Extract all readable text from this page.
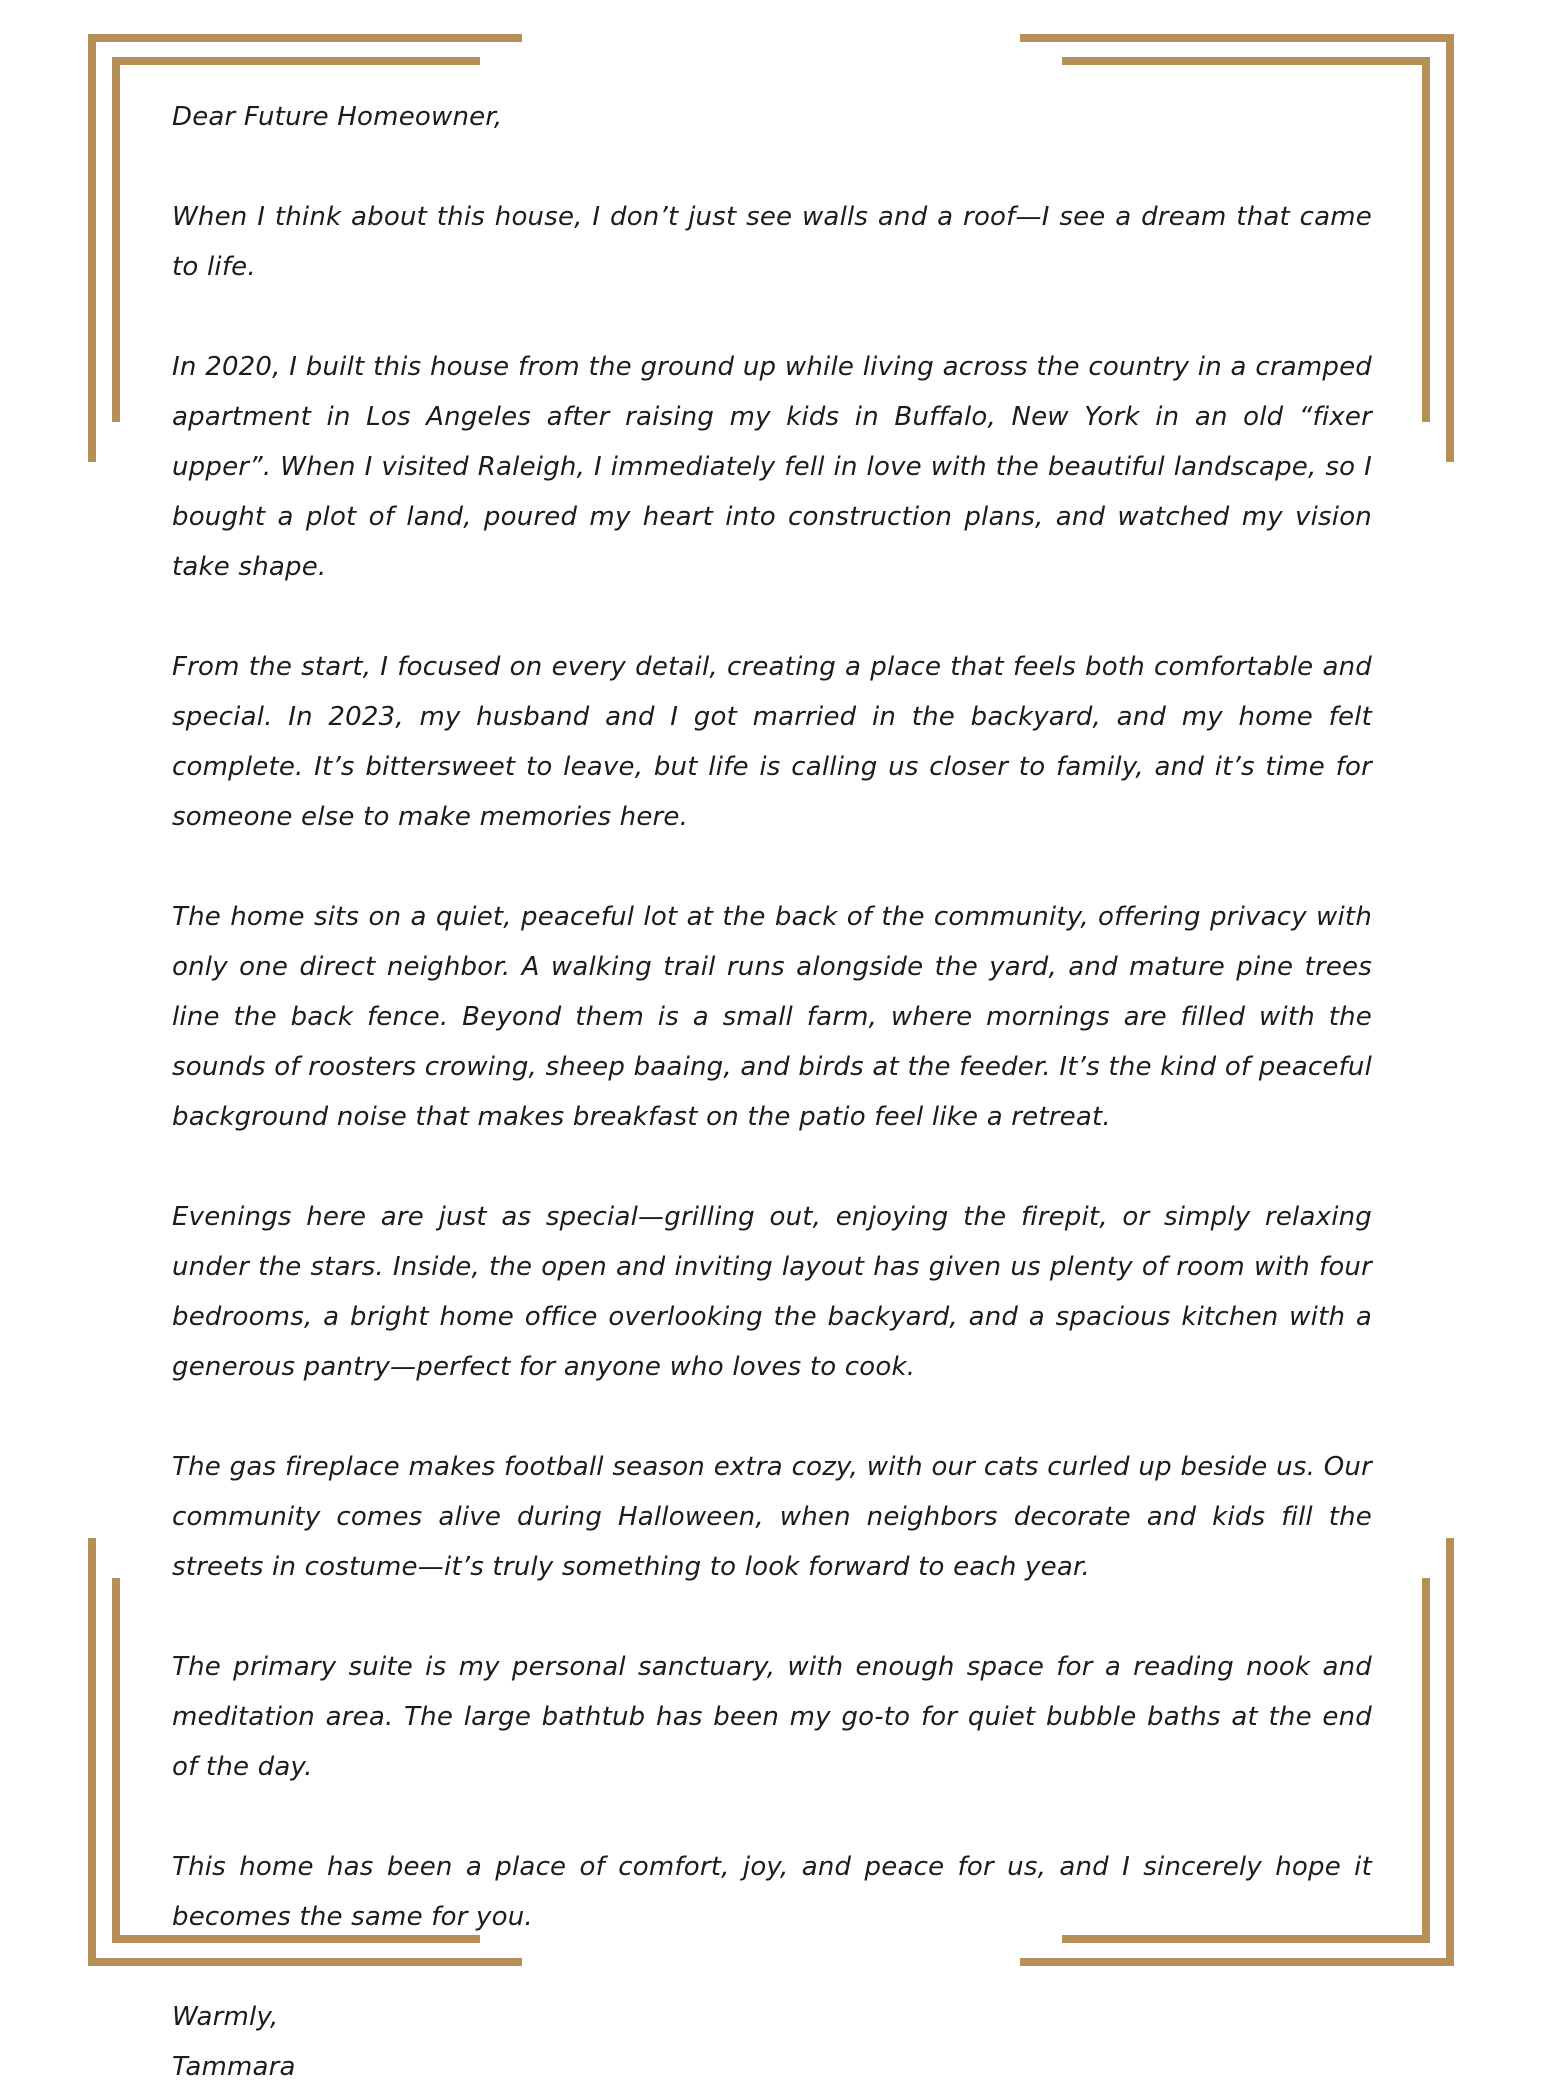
Dear Future Homeowner,

When I think about this house, I don’t just see walls and a roof—I see a dream that came to life.

In 2020, I built this house from the ground up while living across the country in a cramped apartment in Los Angeles after raising my kids in Buffalo, New York in an old “fixer upper”. When I visited Raleigh, I immediately fell in love with the beautiful landscape, so I bought a plot of land, poured my heart into construction plans, and watched my vision take shape.

From the start, I focused on every detail, creating a place that feels both comfortable and special. In 2023, my husband and I got married in the backyard, and my home felt complete. It’s bittersweet to leave, but life is calling us closer to family, and it’s time for someone else to make memories here.

The home sits on a quiet, peaceful lot at the back of the community, offering privacy with only one direct neighbor. A walking trail runs alongside the yard, and mature pine trees line the back fence. Beyond them is a small farm, where mornings are filled with the sounds of roosters crowing, sheep baaing, and birds at the feeder. It’s the kind of peaceful background noise that makes breakfast on the patio feel like a retreat.

Evenings here are just as special—grilling out, enjoying the firepit, or simply relaxing under the stars. Inside, the open and inviting layout has given us plenty of room with four bedrooms, a bright home office overlooking the backyard, and a spacious kitchen with a generous pantry—perfect for anyone who loves to cook.

The gas fireplace makes football season extra cozy, with our cats curled up beside us. Our community comes alive during Halloween, when neighbors decorate and kids fill the streets in costume—it’s truly something to look forward to each year.

The primary suite is my personal sanctuary, with enough space for a reading nook and meditation area. The large bathtub has been my go-to for quiet bubble baths at the end of the day.

This home has been a place of comfort, joy, and peace for us, and I sincerely hope it becomes the same for you.

Warmly,

Tammara
